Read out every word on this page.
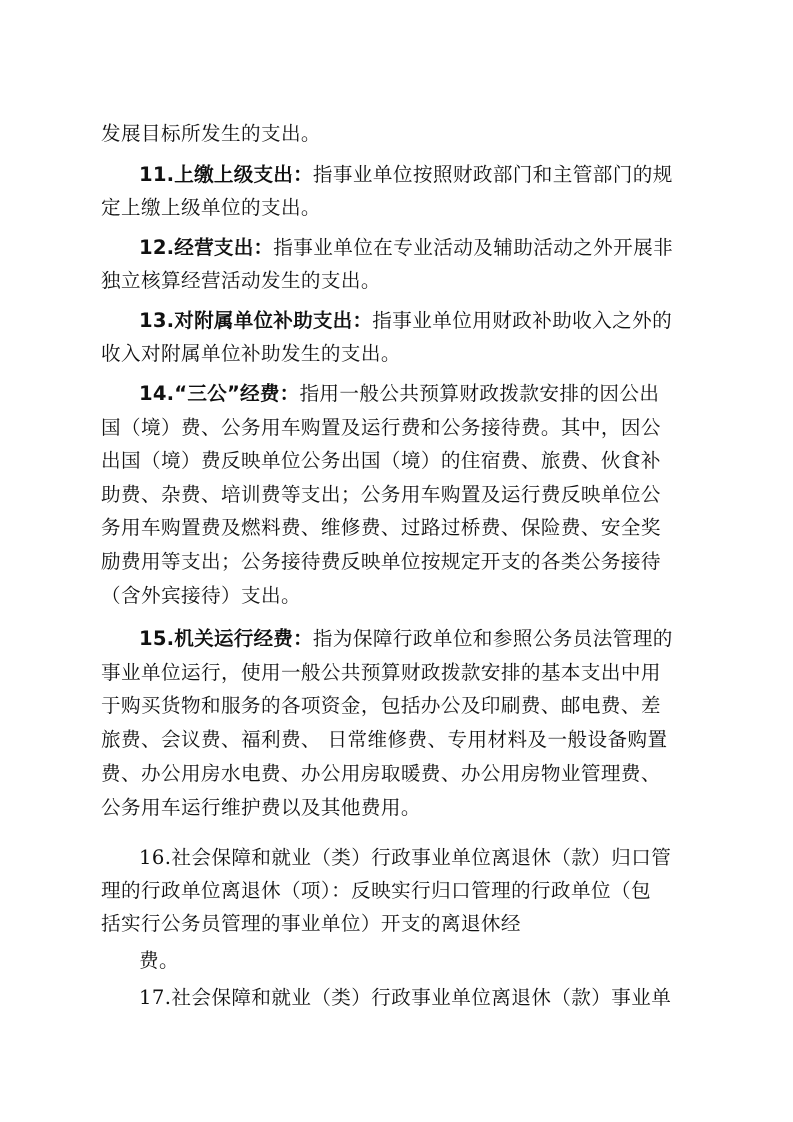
发展目标所发生的支出。
11.上缴上级支出：指事业单位按照财政部门和主管部门的规
定上缴上级单位的支出。
12.经营支出：指事业单位在专业活动及辅助活动之外开展非
独立核算经营活动发生的支出。
13.对附属单位补助支出：指事业单位用财政补助收入之外的
收入对附属单位补助发生的支出。
14.“三公”经费：指用一般公共预算财政拨款安排的因公出
国（境）费、公务用车购置及运行费和公务接待费。其中，因公
出国（境）费反映单位公务出国（境）的住宿费、旅费、伙食补
助费、杂费、培训费等支出；公务用车购置及运行费反映单位公
务用车购置费及燃料费、维修费、过路过桥费、保险费、安全奖
励费用等支出；公务接待费反映单位按规定开支的各类公务接待
（含外宾接待）支出。
15.机关运行经费：指为保障行政单位和参照公务员法管理的
事业单位运行，使用一般公共预算财政拨款安排的基本支出中用
于购买货物和服务的各项资金，包括办公及印刷费、邮电费、差
旅费、会议费、福利费、 日常维修费、专用材料及一般设备购置
费、办公用房水电费、办公用房取暖费、办公用房物业管理费、
公务用车运行维护费以及其他费用。
16.社会保障和就业（类）行政事业单位离退休（款）归口管
理的行政单位离退休（项）：反映实行归口管理的行政单位（包
括实行公务员管理的事业单位）开支的离退休经
费。
17.社会保障和就业（类）行政事业单位离退休（款）事业单
